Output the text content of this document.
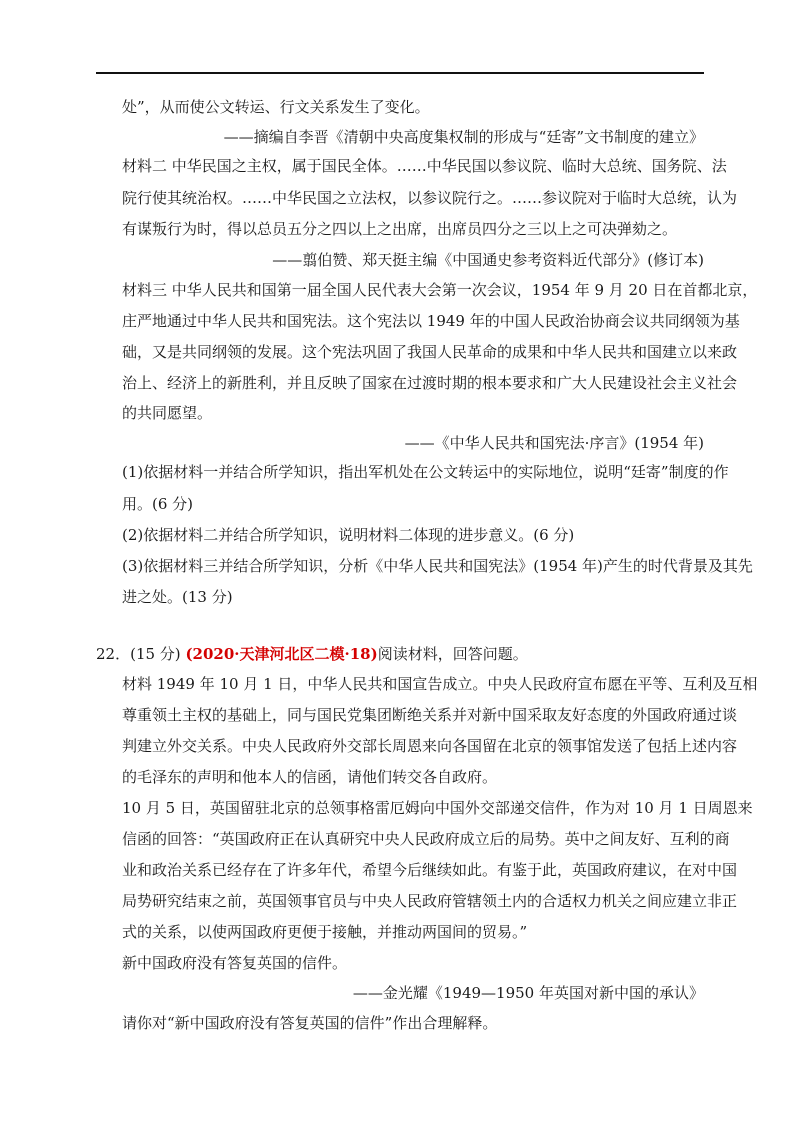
处”，从而使公文转运、行文关系发生了变化。
——摘编自李晋《清朝中央高度集权制的形成与“廷寄”文书制度的建立》
材料二 中华民国之主权，属于国民全体。……中华民国以参议院、临时大总统、国务院、法
院行使其统治权。……中华民国之立法权，以参议院行之。……参议院对于临时大总统，认为
有谋叛行为时，得以总员五分之四以上之出席，出席员四分之三以上之可决弹劾之。
——翦伯赞、郑天挺主编《中国通史参考资料近代部分》(修订本)
材料三 中华人民共和国第一届全国人民代表大会第一次会议，1954 年 9 月 20 日在首都北京，
庄严地通过中华人民共和国宪法。这个宪法以 1949 年的中国人民政治协商会议共同纲领为基
础，又是共同纲领的发展。这个宪法巩固了我国人民革命的成果和中华人民共和国建立以来政
治上、经济上的新胜利，并且反映了国家在过渡时期的根本要求和广大人民建设社会主义社会
的共同愿望。
——《中华人民共和国宪法·序言》(1954 年)
(1)依据材料一并结合所学知识，指出军机处在公文转运中的实际地位，说明“廷寄”制度的作
用。(6 分)
(2)依据材料二并结合所学知识，说明材料二体现的进步意义。(6 分)
(3)依据材料三并结合所学知识，分析《中华人民共和国宪法》(1954 年)产生的时代背景及其先
进之处。(13 分)
22．(15 分) (2020·天津河北区二模·18)阅读材料，回答问题。
材料 1949 年 10 月 1 日，中华人民共和国宣告成立。中央人民政府宣布愿在平等、互利及互相
尊重领土主权的基础上，同与国民党集团断绝关系并对新中国采取友好态度的外国政府通过谈
判建立外交关系。中央人民政府外交部长周恩来向各国留在北京的领事馆发送了包括上述内容
的毛泽东的声明和他本人的信函，请他们转交各自政府。
10 月 5 日，英国留驻北京的总领事格雷厄姆向中国外交部递交信件，作为对 10 月 1 日周恩来
信函的回答：“英国政府正在认真研究中央人民政府成立后的局势。英中之间友好、互利的商
业和政治关系已经存在了许多年代，希望今后继续如此。有鉴于此，英国政府建议，在对中国
局势研究结束之前，英国领事官员与中央人民政府管辖领土内的合适权力机关之间应建立非正
式的关系，以使两国政府更便于接触，并推动两国间的贸易。”
新中国政府没有答复英国的信件。
——金光耀《1949—1950 年英国对新中国的承认》
请你对“新中国政府没有答复英国的信件”作出合理解释。
